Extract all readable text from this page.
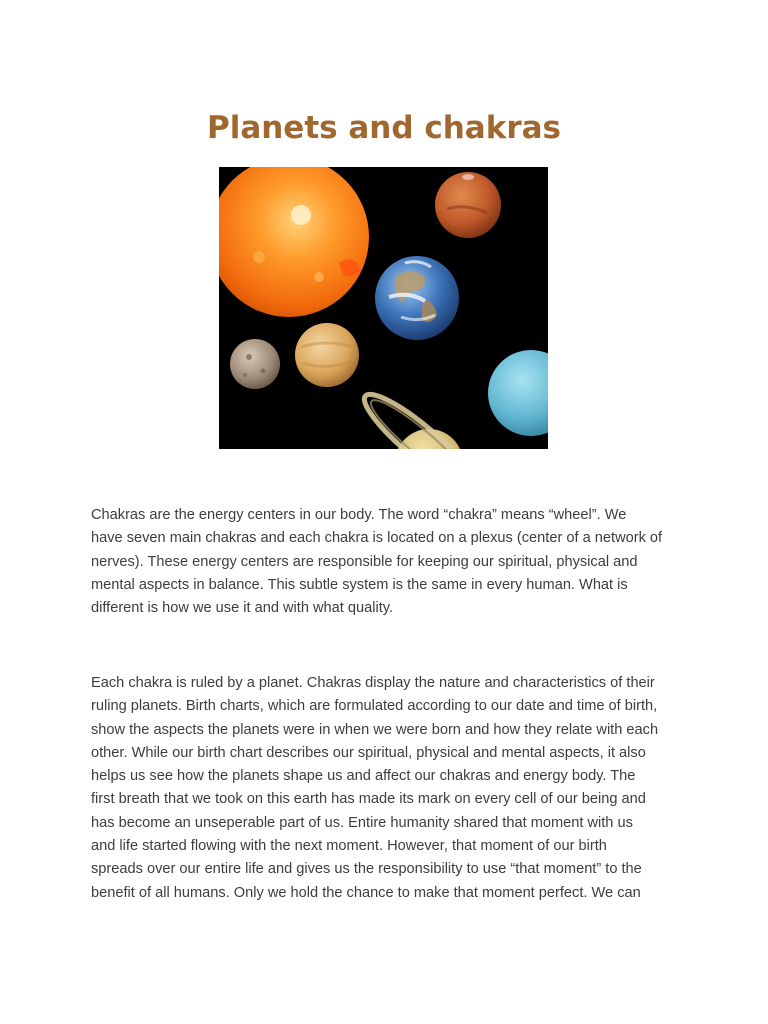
Planets and chakras
Chakras are the energy centers in our body. The word “chakra” means “wheel”. We
have seven main chakras and each chakra is located on a plexus (center of a network of
nerves). These energy centers are responsible for keeping our spiritual, physical and
mental aspects in balance. This subtle system is the same in every human. What is
different is how we use it and with what quality.
Each chakra is ruled by a planet. Chakras display the nature and characteristics of their
ruling planets. Birth charts, which are formulated according to our date and time of birth,
show the aspects the planets were in when we were born and how they relate with each
other. While our birth chart describes our spiritual, physical and mental aspects, it also
helps us see how the planets shape us and affect our chakras and energy body. The
first breath that we took on this earth has made its mark on every cell of our being and
has become an unseperable part of us. Entire humanity shared that moment with us
and life started flowing with the next moment. However, that moment of our birth
spreads over our entire life and gives us the responsibility to use “that moment” to the
benefit of all humans. Only we hold the chance to make that moment perfect. We can
